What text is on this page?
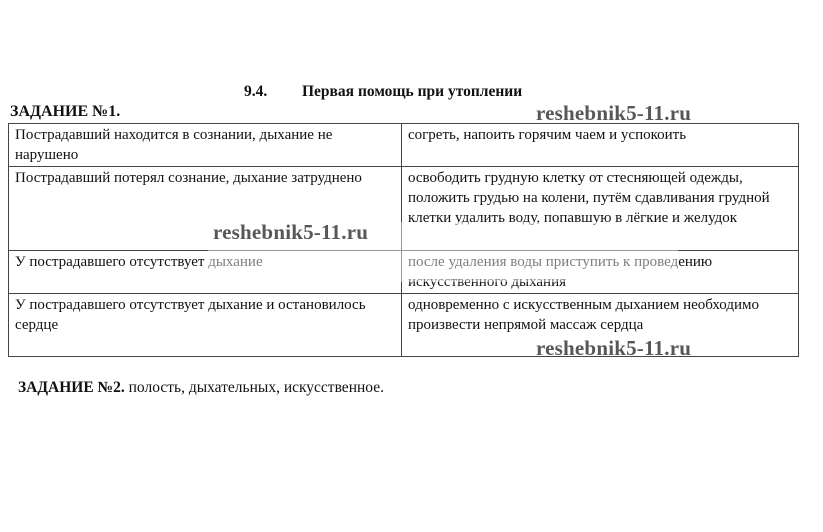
9.4. Первая помощь при утоплении
ЗАДАНИЕ №1.
Пострадавший находится в сознании, дыхание не нарушено	согреть, напоить горячим чаем и успокоить
Пострадавший потерял сознание, дыхание затруднено	освободить грудную клетку от стесняющей одежды, положить грудью на колени, путём сдавливания грудной клетки удалить воду, попавшую в лёгкие и желудок
У пострадавшего отсутствует дыхание	после удаления воды приступить к проведению искусственного дыхания
У пострадавшего отсутствует дыхание и остановилось сердце	одновременно с искусственным дыханием необходимо произвести непрямой массаж сердца
ЗАДАНИЕ №2. полость, дыхательных, искусственное.
reshebnik5-11.ru
reshebnik5-11.ru
reshebnik5-11.ru
